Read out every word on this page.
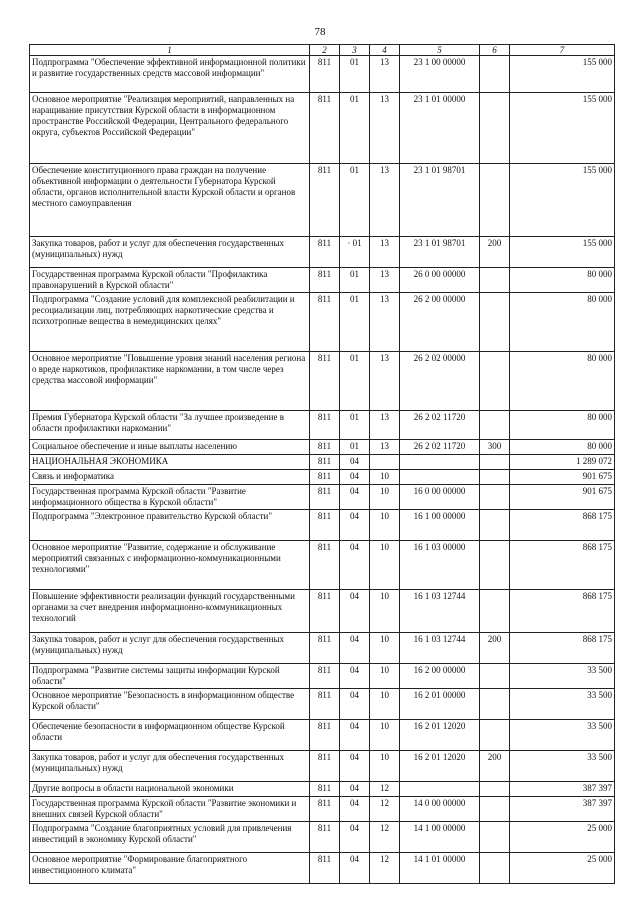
78
1	2	3	4	5	6	7
Подпрограмма "Обеспечение эффективной информационной политики и развитие государственных средств массовой информации"	811	01	13	23 1 00 00000		155 000
Основное мероприятие "Реализация мероприятий, направленных на наращивание присутствия Курской области в информационном пространстве Российской Федерации, Центрального федерального округа, субъектов Российской Федерации"	811	01	13	23 1 01 00000		155 000
Обеспечение конституционного права граждан на получение объективной информации о деятельности Губернатора Курской области, органов исполнительной власти Курской области и органов местного самоуправления	811	01	13	23 1 01 98701		155 000
Закупка товаров, работ и услуг для обеспечения государственных (муниципальных) нужд	811	· 01	13	23 1 01 98701	200	155 000
Государственная программа Курской области "Профилактика правонарушений в Курской области"	811	01	13	26 0 00 00000		80 000
Подпрограмма "Создание условий для комплексной реабилитации и ресоциализации лиц, потребляющих наркотические средства и психотропные вещества в немедицинских целях"	811	01	13	26 2 00 00000		80 000
Основное мероприятие "Повышение уровня знаний населения региона о вреде наркотиков, профилактике наркомании, в том числе через средства массовой информации"	811	01	13	26 2 02 00000		80 000
Премия Губернатора Курской области "За лучшее произведение в области профилактики наркомании"	811	01	13	26 2 02 11720		80 000
Социальное обеспечение и иные выплаты населению	811	01	13	26 2 02 11720	300	80 000
НАЦИОНАЛЬНАЯ ЭКОНОМИКА	811	04				1 289 072
Связь и информатика	811	04	10			901 675
Государственная программа Курской области "Развитие информационного общества в Курской области"	811	04	10	16 0 00 00000		901 675
Подпрограмма "Электронное правительство Курской области"	811	04	10	16 1 00 00000		868 175
Основное мероприятие "Развитие, содержание и обслуживание мероприятий связанных с информационно-коммуникационными технологиями"	811	04	10	16 1 03 00000		868 175
Повышение эффективности реализации функций государственными органами за счет внедрения информационно-коммуникационных технологий	811	04	10	16 1 03 12744		868 175
Закупка товаров, работ и услуг для обеспечения государственных (муниципальных) нужд	811	04	10	16 1 03 12744	200	868 175
Подпрограмма "Развитие системы защиты информации Курской области"	811	04	10	16 2 00 00000		33 500
Основное мероприятие "Безопасность в информационном обществе Курской области"	811	04	10	16 2 01 00000		33 500
Обеспечение безопасности в информационном обществе Курской области	811	04	10	16 2 01 12020		33 500
Закупка товаров, работ и услуг для обеспечения государственных (муниципальных) нужд	811	04	10	16 2 01 12020	200	33 500
Другие вопросы в области национальной экономики	811	04	12			387 397
Государственная программа Курской области "Развитие экономики и внешних связей Курской области"	811	04	12	14 0 00 00000		387 397
Подпрограмма "Создание благоприятных условий для привлечения инвестиций в экономику Курской области"	811	04	12	14 1 00 00000		25 000
Основное мероприятие "Формирование благоприятного инвестиционного климата"	811	04	12	14 1 01 00000		25 000
